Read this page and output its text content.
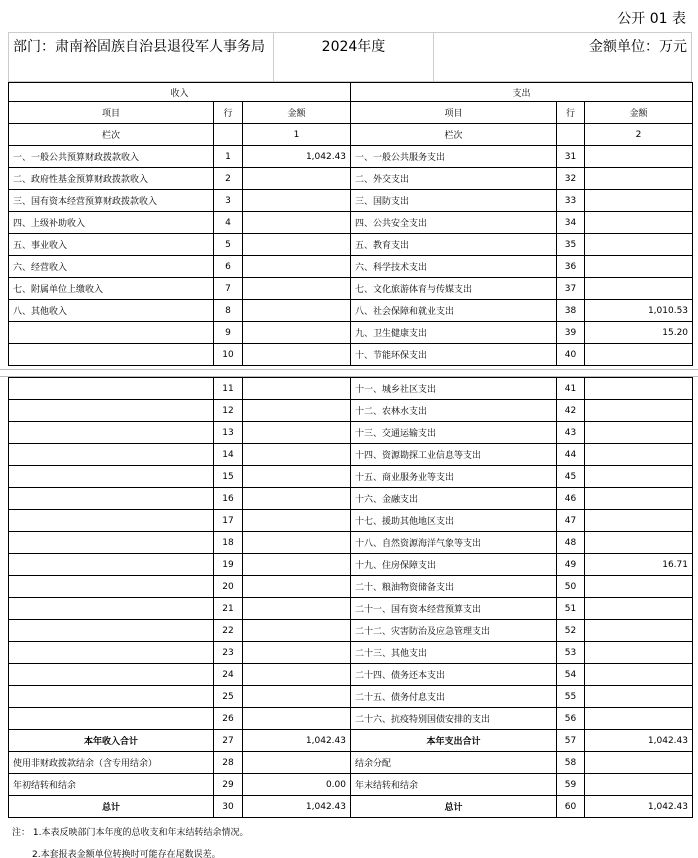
公开 01 表
部门：肃南裕固族自治县退役军人事务局	2024年度	金额单位：万元
收入			支出		
项目	行	金额	项目	行	金额
栏次		1	栏次		2
一、一般公共预算财政拨款收入	1	1,042.43	一、一般公共服务支出	31	
二、政府性基金预算财政拨款收入	2		二、外交支出	32	
三、国有资本经营预算财政拨款收入	3		三、国防支出	33	
四、上级补助收入	4		四、公共安全支出	34	
五、事业收入	5		五、教育支出	35	
六、经营收入	6		六、科学技术支出	36	
七、附属单位上缴收入	7		七、文化旅游体育与传媒支出	37	
八、其他收入	8		八、社会保障和就业支出	38	1,010.53
	9		九、卫生健康支出	39	15.20
	10		十、节能环保支出	40	
	11		十一、城乡社区支出	41	
	12		十二、农林水支出	42	
	13		十三、交通运输支出	43	
	14		十四、资源勘探工业信息等支出	44	
	15		十五、商业服务业等支出	45	
	16		十六、金融支出	46	
	17		十七、援助其他地区支出	47	
	18		十八、自然资源海洋气象等支出	48	
	19		十九、住房保障支出	49	16.71
	20		二十、粮油物资储备支出	50	
	21		二十一、国有资本经营预算支出	51	
	22		二十二、灾害防治及应急管理支出	52	
	23		二十三、其他支出	53	
	24		二十四、债务还本支出	54	
	25		二十五、债务付息支出	55	
	26		二十六、抗疫特别国债安排的支出	56	
本年收入合计	27	1,042.43	本年支出合计	57	1,042.43
使用非财政拨款结余（含专用结余）	28		结余分配	58	
年初结转和结余	29	0.00	年末结转和结余	59	
总计	30	1,042.43	总计	60	1,042.43
注： 1.本表反映部门本年度的总收支和年末结转结余情况。
2.本套报表金额单位转换时可能存在尾数误差。
